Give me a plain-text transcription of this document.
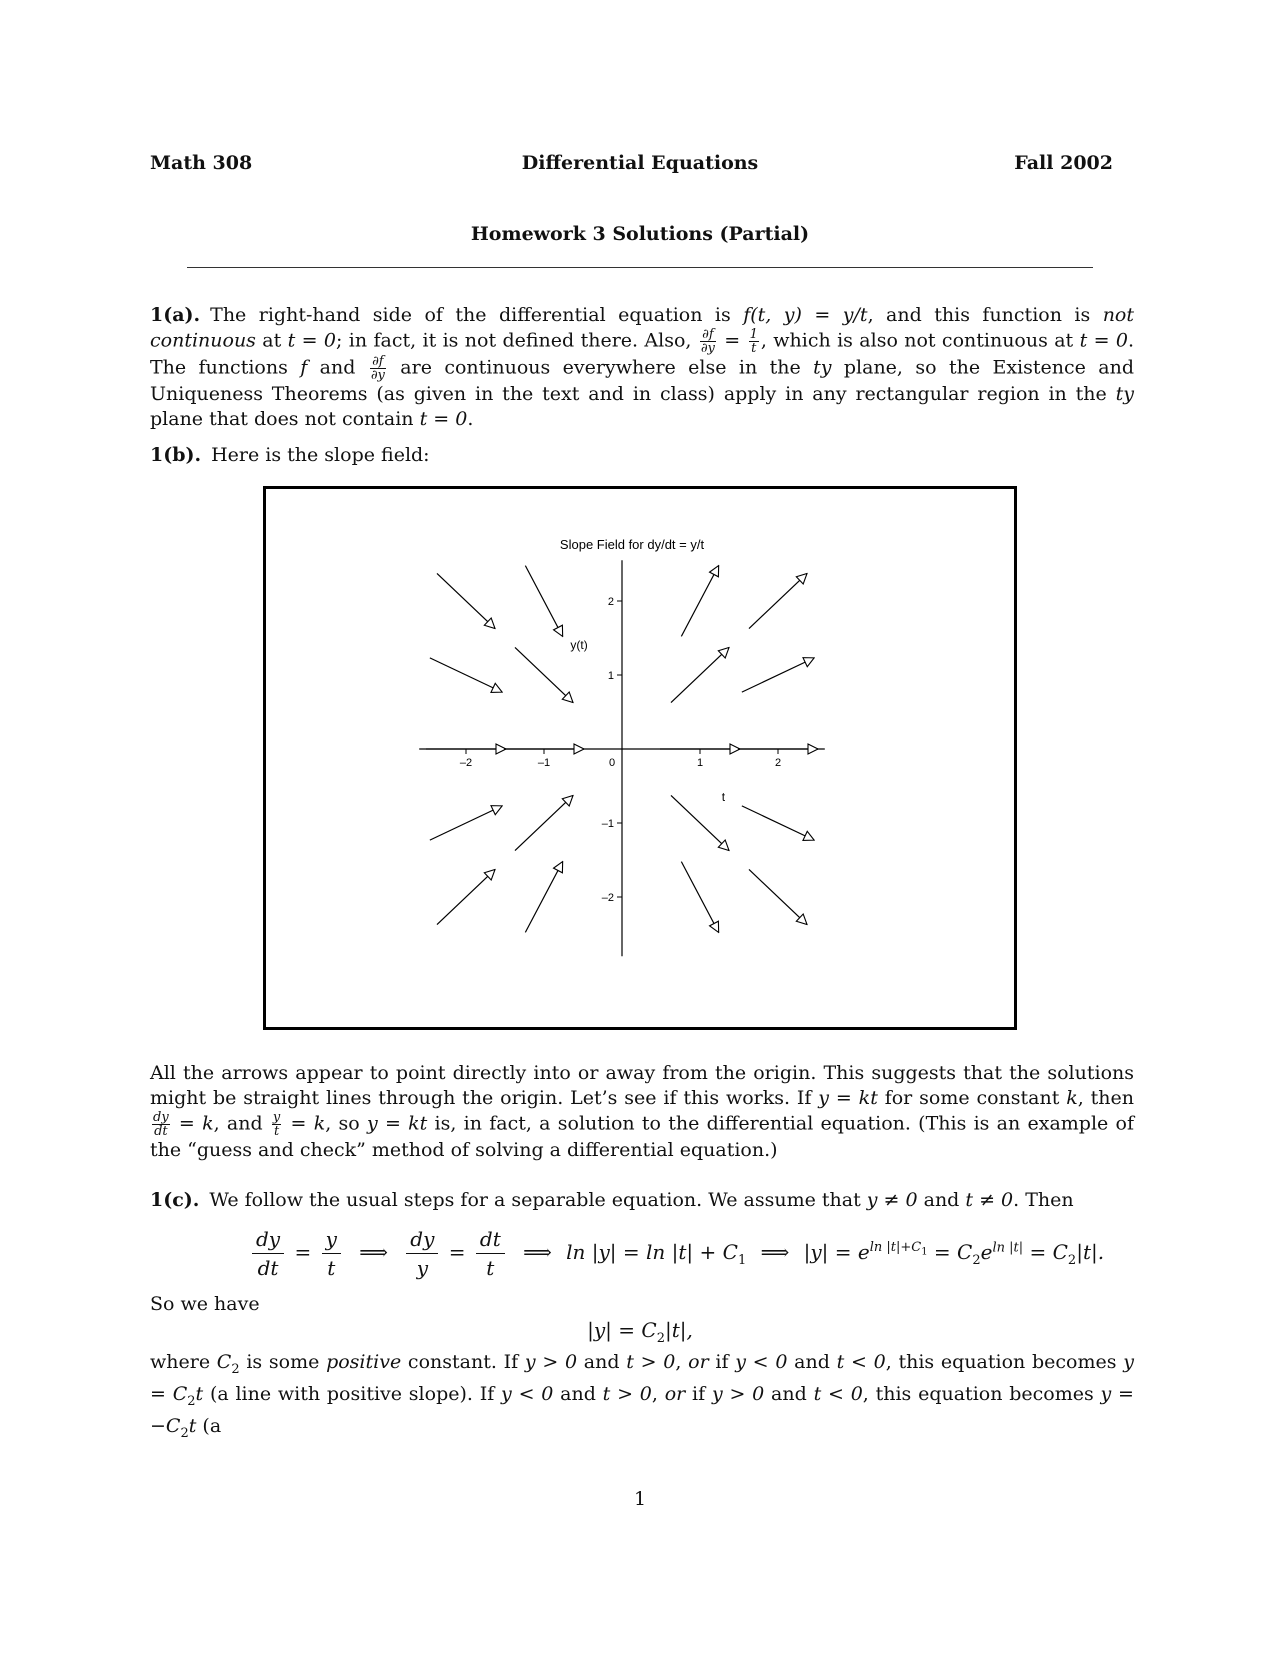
Math 308	Differential Equations	Fall 2002
Homework 3 Solutions (Partial)
1(a). The right-hand side of the differential equation is f(t, y) = y/t, and this function is not continuous at t = 0; in fact, it is not defined there. Also, $\frac{\partial f}{\partial y} = \frac{1}{t}$ , which is also not continuous at t = 0. The functions f and $\frac{\partial f}{\partial y}$ are continuous everywhere else in the ty plane, so the Existence and Uniqueness Theorems (as given in the text and in class) apply in any rectangular region in the ty plane that does not contain t = 0.
1(b). Here is the slope field:
Slope Field for dy/dt = y/t
–2	–1	0	1	2
2
1
–1
–2
t
y(t)
All the arrows appear to point directly into or away from the origin. This suggests that the solutions might be straight lines through the origin. Let’s see if this works. If y = kt for some constant k, then
$\frac{dy}{dt} = k$, and $\frac{y}{t} = k$, so y = kt is, in fact, a solution to the differential equation. (This is an example of the “guess and check” method of solving a differential equation.)
1(c). We follow the usual steps for a separable equation. We assume that y ≠ 0 and t ≠ 0. Then
$\frac{dy}{dt} = \frac{y}{t}$ ⟹ $\frac{dy}{y} = \frac{dt}{t}$ ⟹ $\ln |y| = \ln |t| + C_1$ ⟹ $|y| = e^{ln |t|+C_1} = C_2e^{ln |t|} = C_2|t|$.
So we have
$|y| = C_2|t|$,
where $C_2$ is some positive constant. If y > 0 and t > 0, or if y < 0 and t < 0, this equation becomes $y = C_2t$ (a line with positive slope). If y < 0 and t > 0, or if y > 0 and t < 0, this equation becomes $y = -C_2t$ (a
1
